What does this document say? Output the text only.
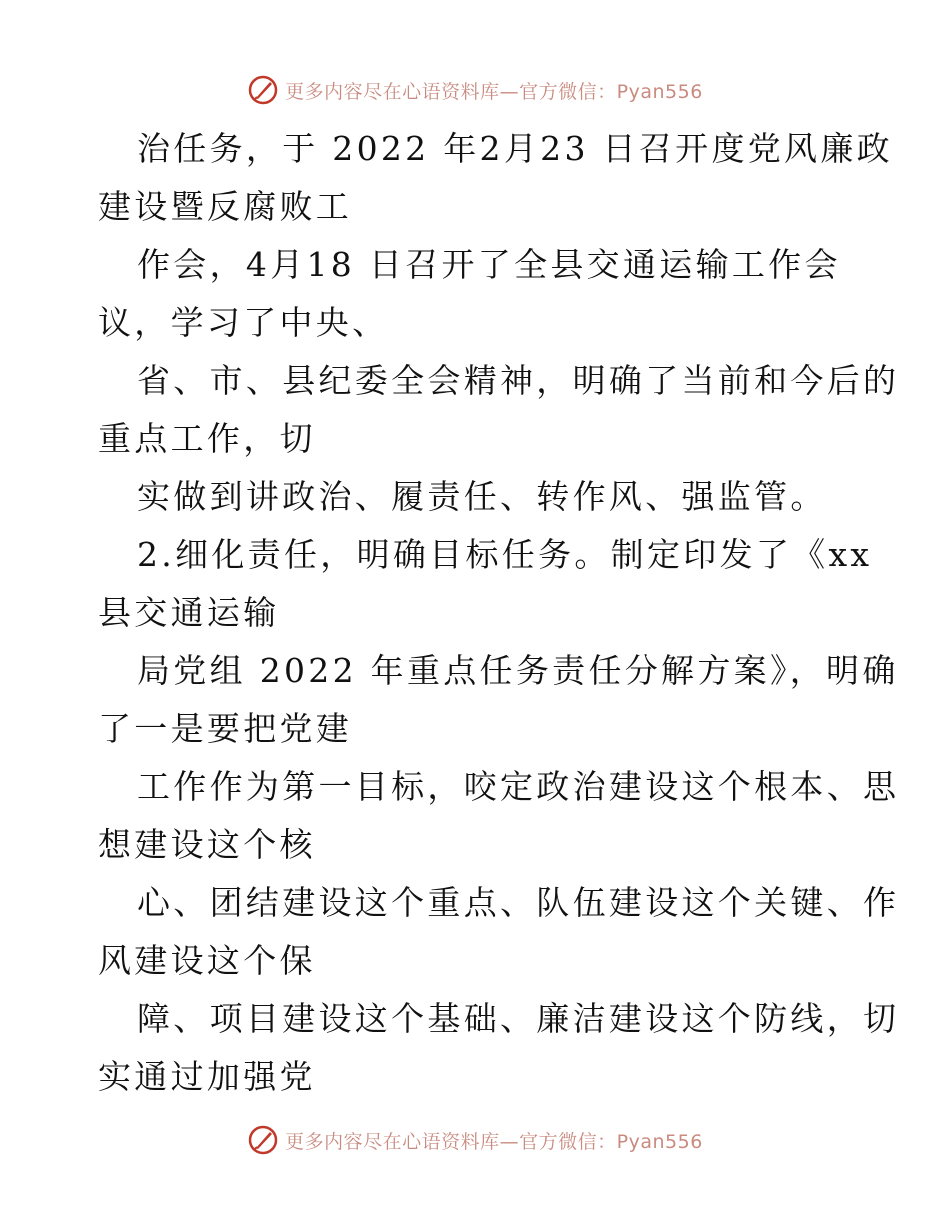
更多内容尽在心语资料库—官方微信：Pyan556
治任务，于 2022 年2月23 日召开度党风廉政
建设暨反腐败工
作会，4月18 日召开了全县交通运输工作会
议，学习了中央、
省、市、县纪委全会精神，明确了当前和今后的
重点工作，切
实做到讲政治、履责任、转作风、强监管。
2.细化责任，明确目标任务。制定印发了《xx
县交通运输
局党组 2022 年重点任务责任分解方案》，明确
了一是要把党建
工作作为第一目标，咬定政治建设这个根本、思
想建设这个核
心、团结建设这个重点、队伍建设这个关键、作
风建设这个保
障、项目建设这个基础、廉洁建设这个防线，切
实通过加强党
更多内容尽在心语资料库—官方微信：Pyan556
